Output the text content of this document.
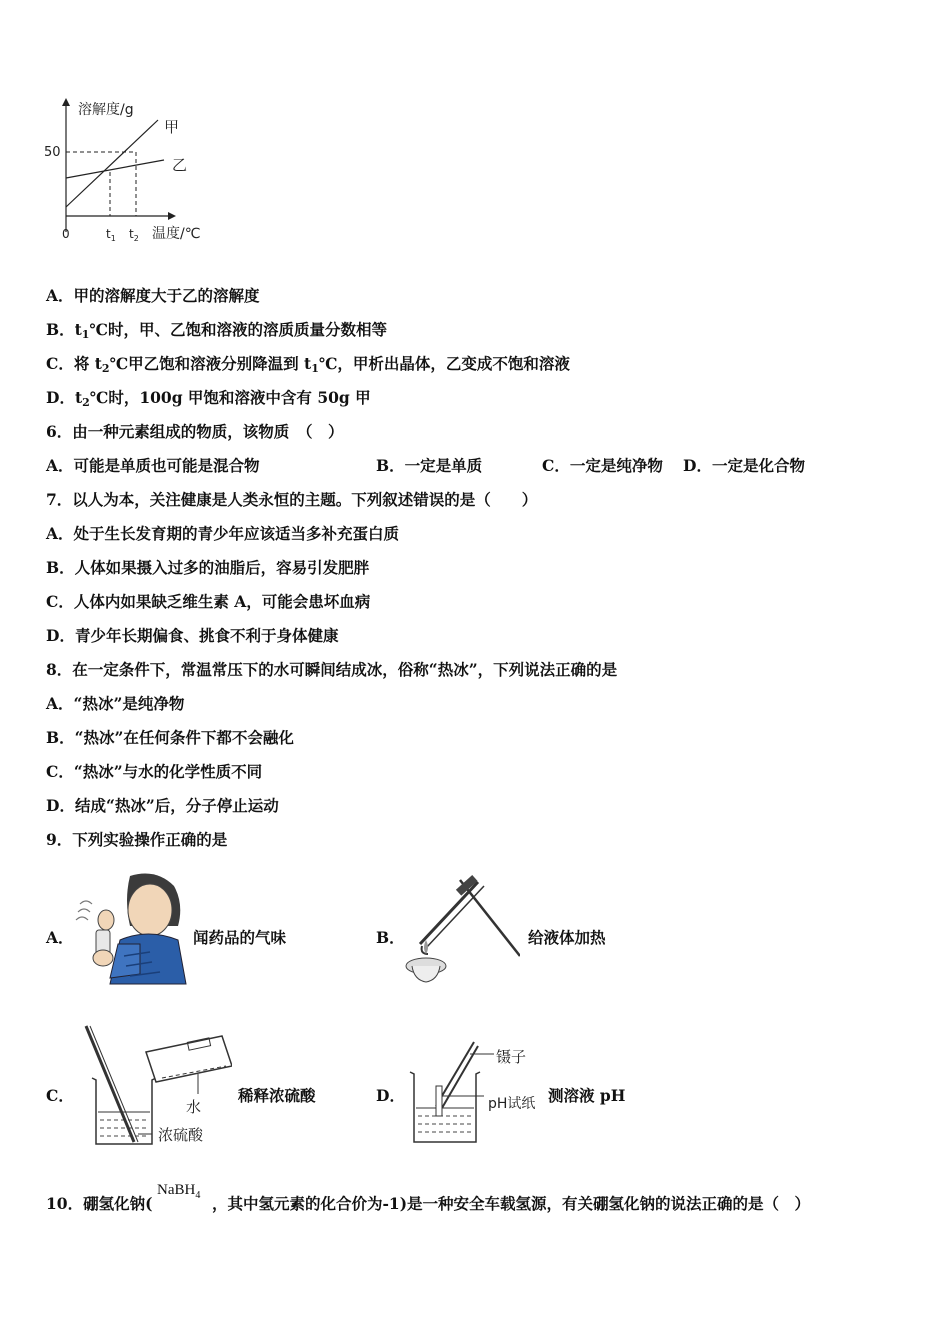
溶解度/g
温度/℃
0
50
$t_1$ $t_2$
甲
乙
A．甲的溶解度大于乙的溶解度
B．t1℃时，甲、乙饱和溶液的溶质质量分数相等
C．将 t2℃甲乙饱和溶液分别降温到 t1℃，甲析出晶体，乙变成不饱和溶液
D．t2℃时，100g 甲饱和溶液中含有 50g 甲
6．由一种元素组成的物质，该物质　（　）
A．可能是单质也可能是混合物	B．一定是单质	C．一定是纯净物 D．一定是化合物
7．以人为本，关注健康是人类永恒的主题。下列叙述错误的是（　　）
A．处于生长发育期的青少年应该适当多补充蛋白质
B．人体如果摄入过多的油脂后，容易引发肥胖
C．人体内如果缺乏维生素 A，可能会患坏血病
D．青少年长期偏食、挑食不利于身体健康
8．在一定条件下，常温常压下的水可瞬间结成冰，俗称“热冰”，下列说法正确的是
A．“热冰”是纯净物
B．“热冰”在任何条件下都不会融化
C．“热冰”与水的化学性质不同
D．结成“热冰”后，分子停止运动
9．下列实验操作正确的是
A．	闻药品的气味	B．	给液体加热
C．
水
浓硫酸
稀释浓硫酸	D．
镊子
pH试纸 测溶液 pH
10．硼氢化钠(
NaBH$_4$ ，其中氢元素的化合价为-1)是一种安全车载氢源，有关硼氢化钠的说法正确的是（　）
